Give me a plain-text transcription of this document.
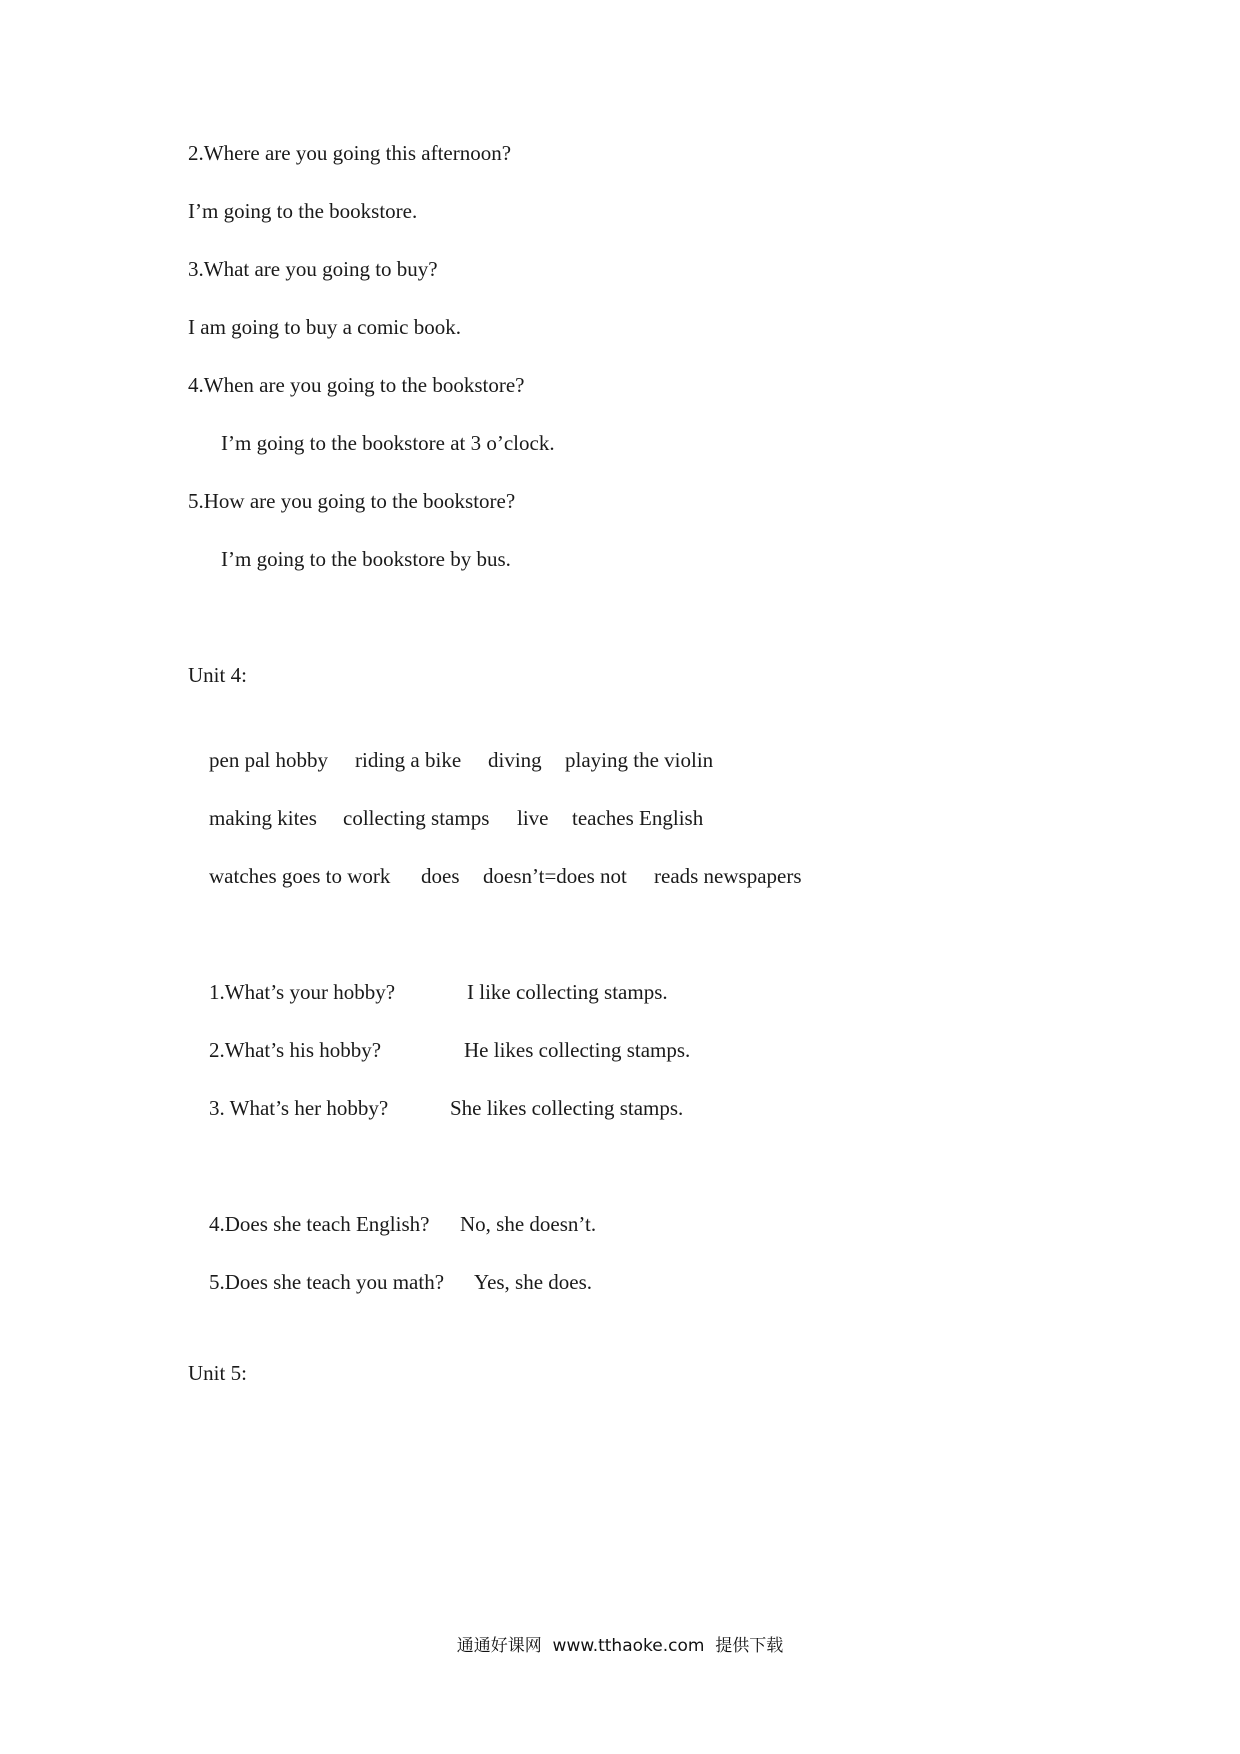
2.Where are you going this afternoon?

I’m going to the bookstore.

3.What are you going to buy?

I am going to buy a comic book.

4.When are you going to the bookstore?

I’m going to the bookstore at 3 o’clock.

5.How are you going to the bookstore?

I’m going to the bookstore by bus.

Unit 4:

pen pal hobby riding a bike diving playing the violin

making kites collecting stamps live teaches English

watches goes to work does doesn’t=does not reads newspapers

1.What’s your hobby?	I like collecting stamps.

2.What’s his hobby?	He likes collecting stamps.

3. What’s her hobby?	She likes collecting stamps.

4.Does she teach English? No, she doesn’t.

5.Does she teach you math? Yes, she does.

Unit 5:

通通好课网  www.tthaoke.com  提供下载
